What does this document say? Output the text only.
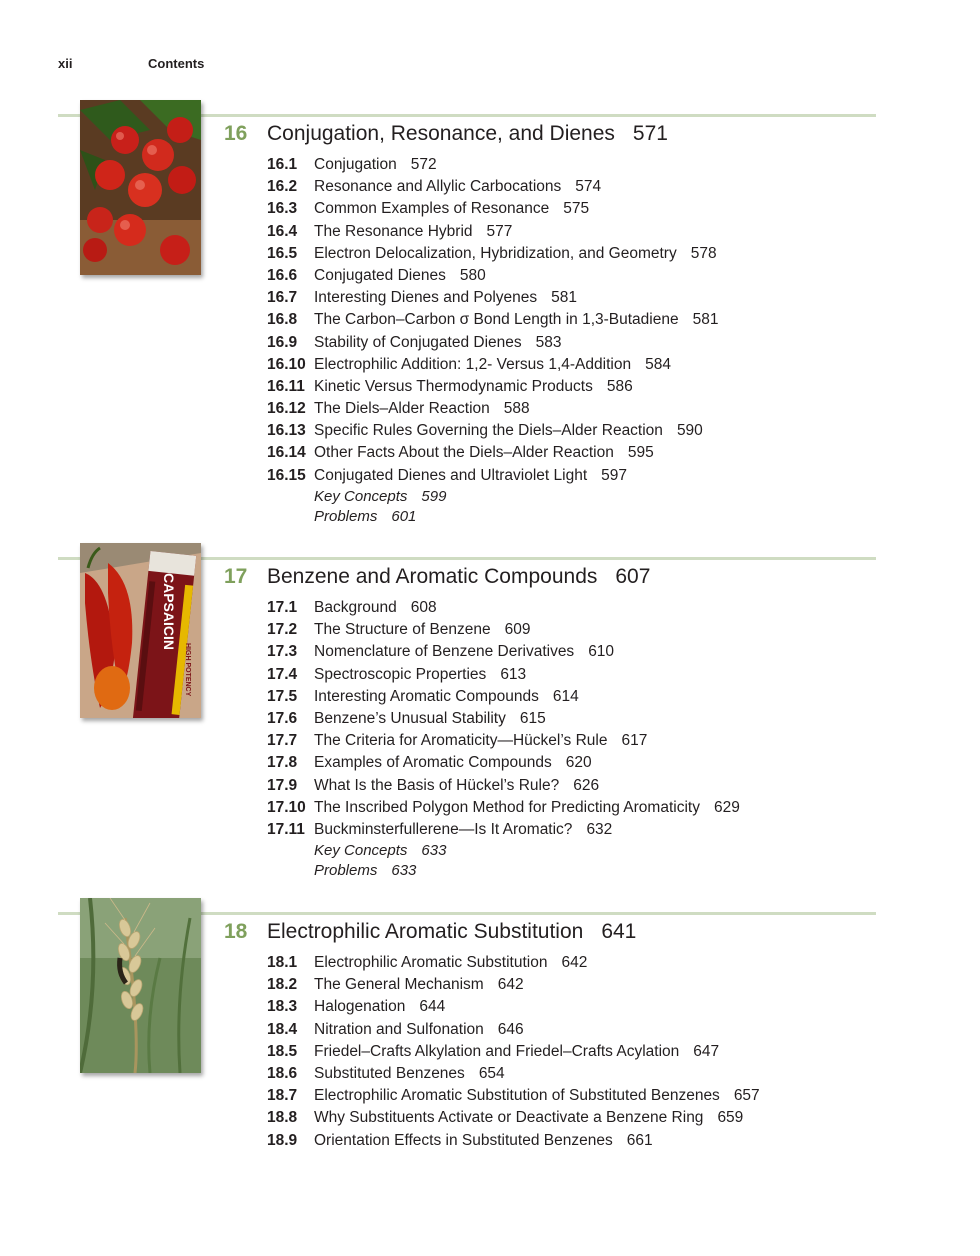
xii	Contents
16 Conjugation, Resonance, and Dienes 571
16.1 Conjugation 572
16.2 Resonance and Allylic Carbocations 574
16.3 Common Examples of Resonance 575
16.4 The Resonance Hybrid 577
16.5 Electron Delocalization, Hybridization, and Geometry 578
16.6 Conjugated Dienes 580
16.7 Interesting Dienes and Polyenes 581
16.8 The Carbon–Carbon σ Bond Length in 1,3-Butadiene 581
16.9 Stability of Conjugated Dienes 583
16.10 Electrophilic Addition: 1,2- Versus 1,4-Addition 584
16.11 Kinetic Versus Thermodynamic Products 586
16.12 The Diels–Alder Reaction 588
16.13 Specific Rules Governing the Diels–Alder Reaction 590
16.14 Other Facts About the Diels–Alder Reaction 595
16.15 Conjugated Dienes and Ultraviolet Light 597
Key Concepts 599
Problems 601
CAPSAICIN
HIGH POTENCY
17 Benzene and Aromatic Compounds 607
17.1 Background 608
17.2 The Structure of Benzene 609
17.3 Nomenclature of Benzene Derivatives 610
17.4 Spectroscopic Properties 613
17.5 Interesting Aromatic Compounds 614
17.6 Benzene’s Unusual Stability 615
17.7 The Criteria for Aromaticity—Hückel’s Rule 617
17.8 Examples of Aromatic Compounds 620
17.9 What Is the Basis of Hückel’s Rule? 626
17.10 The Inscribed Polygon Method for Predicting Aromaticity 629
17.11 Buckminsterfullerene—Is It Aromatic? 632
Key Concepts 633
Problems 633
18 Electrophilic Aromatic Substitution 641
18.1 Electrophilic Aromatic Substitution 642
18.2 The General Mechanism 642
18.3 Halogenation 644
18.4 Nitration and Sulfonation 646
18.5 Friedel–Crafts Alkylation and Friedel–Crafts Acylation 647
18.6 Substituted Benzenes 654
18.7 Electrophilic Aromatic Substitution of Substituted Benzenes 657
18.8 Why Substituents Activate or Deactivate a Benzene Ring 659
18.9 Orientation Effects in Substituted Benzenes 661
